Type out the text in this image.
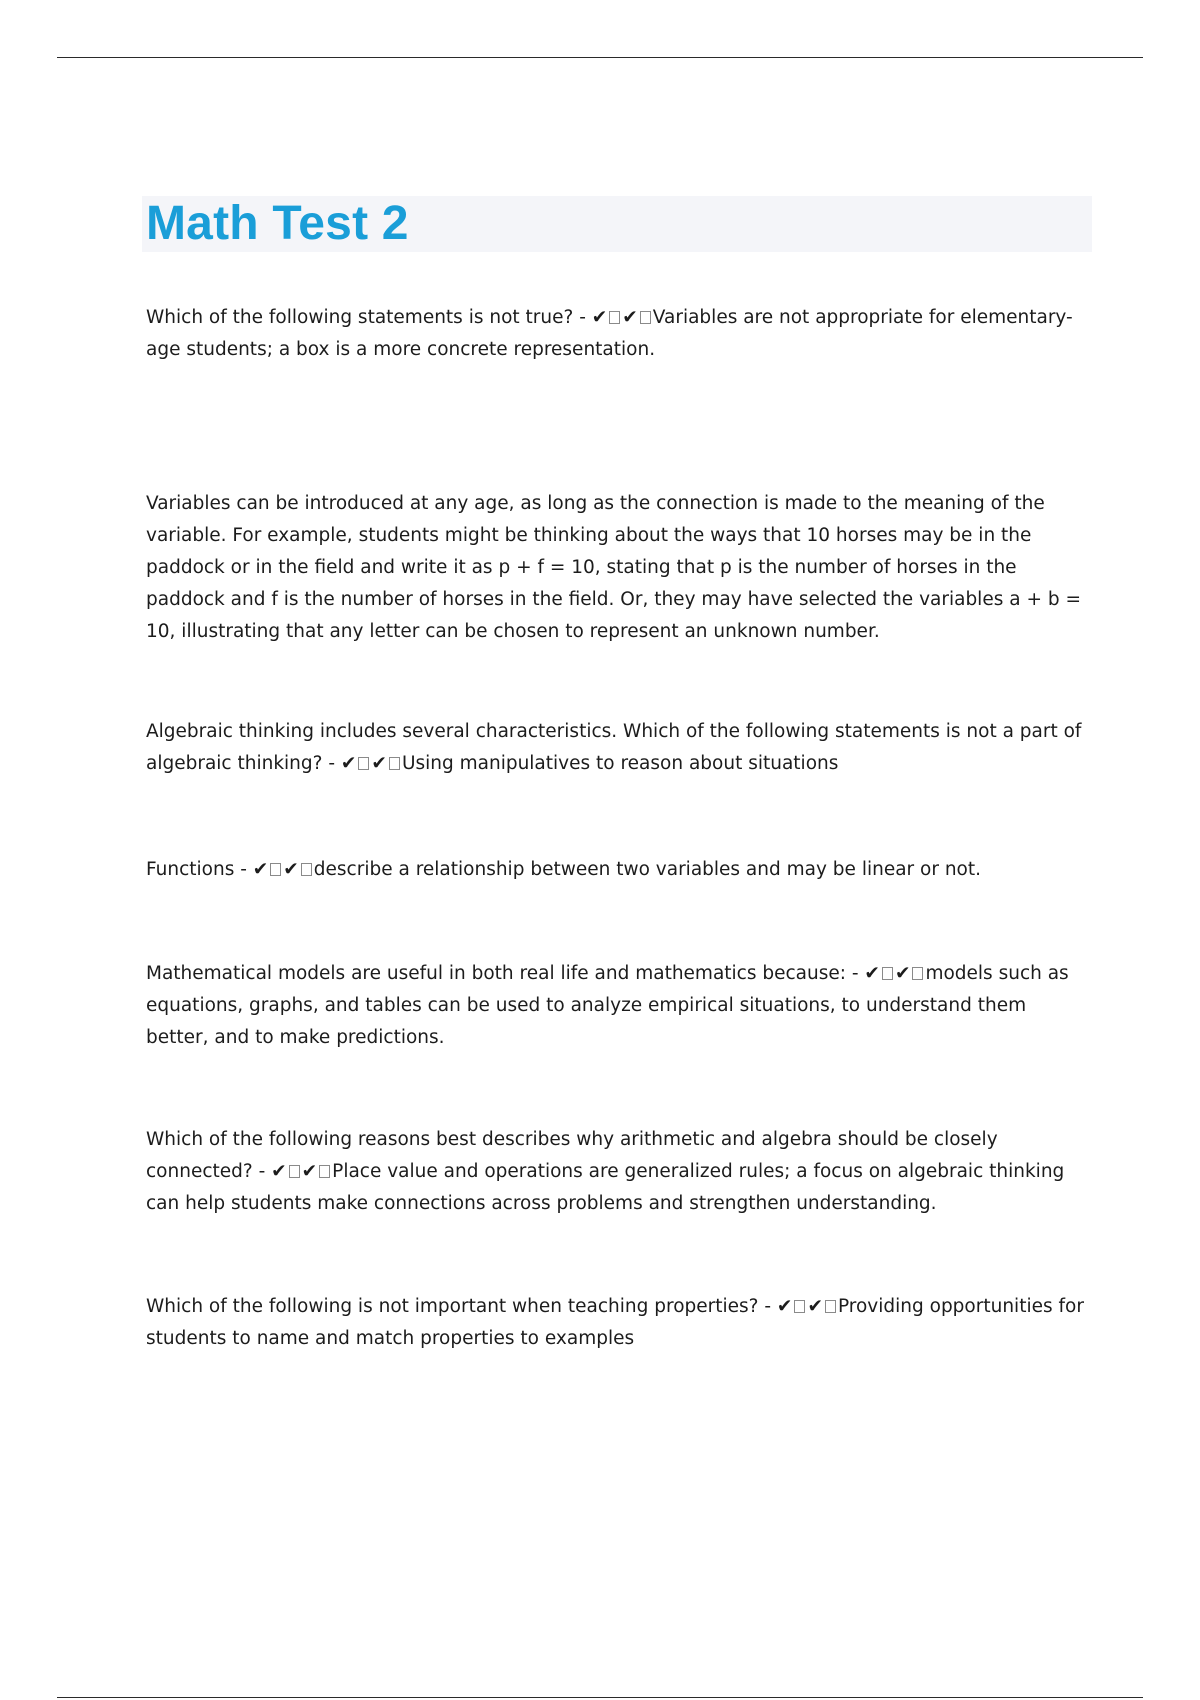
Math Test 2

Which of the following statements is not true? - ✔ ✔ Variables are not appropriate for elementary-age students; a box is a more concrete representation.

Variables can be introduced at any age, as long as the connection is made to the meaning of the variable. For example, students might be thinking about the ways that 10 horses may be in the paddock or in the field and write it as p + f = 10, stating that p is the number of horses in the paddock and f is the number of horses in the field. Or, they may have selected the variables a + b = 10, illustrating that any letter can be chosen to represent an unknown number.

Algebraic thinking includes several characteristics. Which of the following statements is not a part of algebraic thinking? - ✔ ✔ Using manipulatives to reason about situations

Functions - ✔ ✔ describe a relationship between two variables and may be linear or not.

Mathematical models are useful in both real life and mathematics because: - ✔ ✔ models such as equations, graphs, and tables can be used to analyze empirical situations, to understand them better, and to make predictions.

Which of the following reasons best describes why arithmetic and algebra should be closely connected? - ✔ ✔ Place value and operations are generalized rules; a focus on algebraic thinking can help students make connections across problems and strengthen understanding.

Which of the following is not important when teaching properties? - ✔ ✔ Providing opportunities for students to name and match properties to examples
